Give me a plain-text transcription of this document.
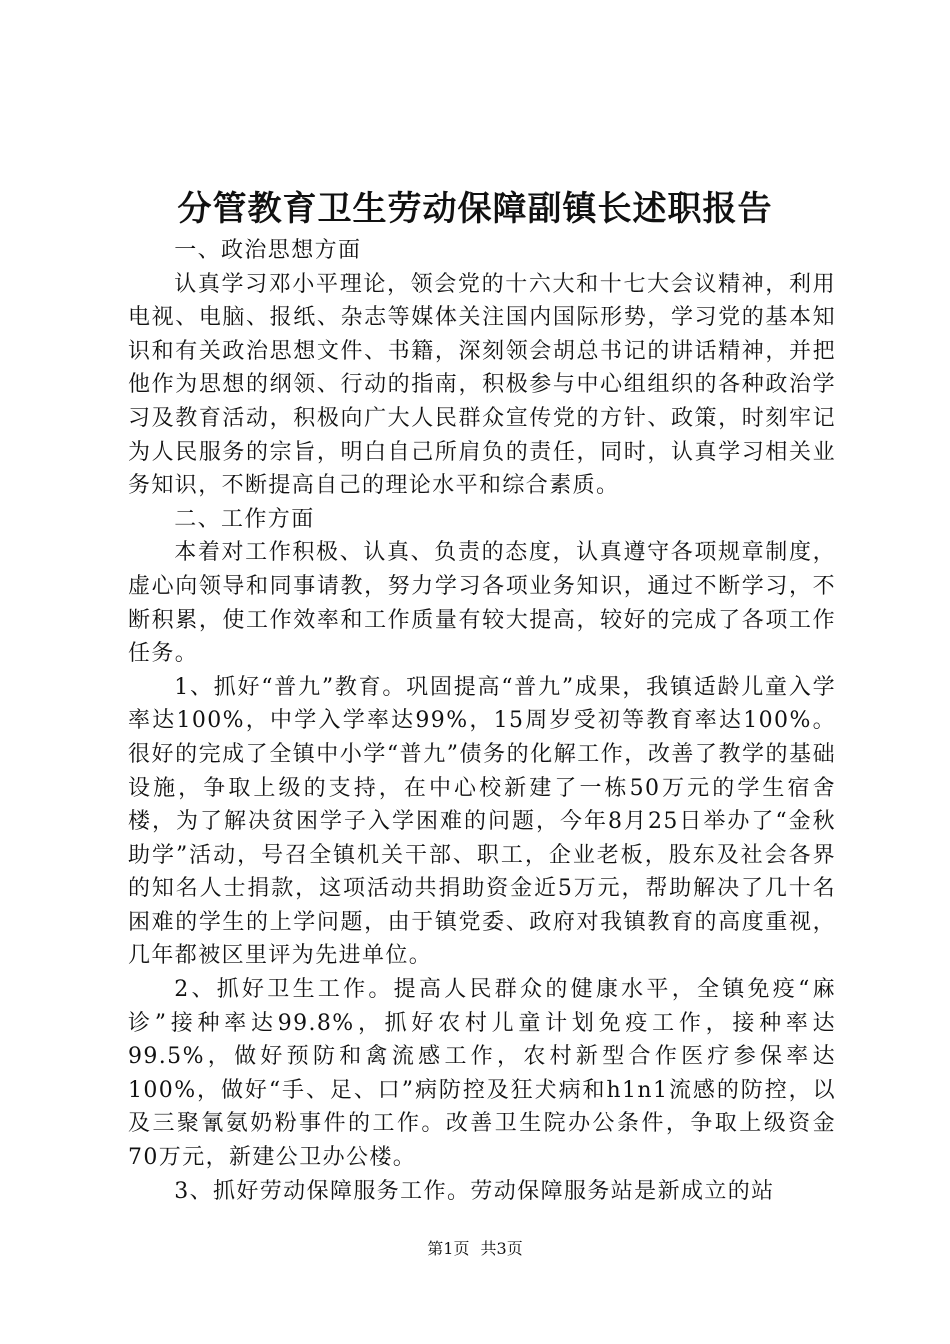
分管教育卫生劳动保障副镇长述职报告

一、政治思想方面

认真学习邓小平理论，领会党的十六大和十七大会议精神，利用电视、电脑、报纸、杂志等媒体关注国内国际形势，学习党的基本知识和有关政治思想文件、书籍，深刻领会胡总书记的讲话精神，并把他作为思想的纲领、行动的指南，积极参与中心组组织的各种政治学习及教育活动，积极向广大人民群众宣传党的方针、政策，时刻牢记为人民服务的宗旨，明白自己所肩负的责任，同时，认真学习相关业务知识，不断提高自己的理论水平和综合素质。

二、工作方面

本着对工作积极、认真、负责的态度，认真遵守各项规章制度，虚心向领导和同事请教，努力学习各项业务知识，通过不断学习，不断积累，使工作效率和工作质量有较大提高，较好的完成了各项工作任务。

1、抓好“普九”教育。巩固提高“普九”成果，我镇适龄儿童入学率达100%，中学入学率达99%，15周岁受初等教育率达100%。很好的完成了全镇中小学“普九”债务的化解工作，改善了教学的基础设施，争取上级的支持，在中心校新建了一栋50万元的学生宿舍楼，为了解决贫困学子入学困难的问题，今年8月25日举办了“金秋助学”活动，号召全镇机关干部、职工，企业老板，股东及社会各界的知名人士捐款，这项活动共捐助资金近5万元，帮助解决了几十名困难的学生的上学问题，由于镇党委、政府对我镇教育的高度重视，几年都被区里评为先进单位。

2、抓好卫生工作。提高人民群众的健康水平，全镇免疫“麻诊”接种率达99.8%，抓好农村儿童计划免疫工作，接种率达99.5%，做好预防和禽流感工作，农村新型合作医疗参保率达100%，做好“手、足、口”病防控及狂犬病和h1n1流感的防控，以及三聚氰氨奶粉事件的工作。改善卫生院办公条件，争取上级资金70万元，新建公卫办公楼。

3、抓好劳动保障服务工作。劳动保障服务站是新成立的站

第1页 共3页
